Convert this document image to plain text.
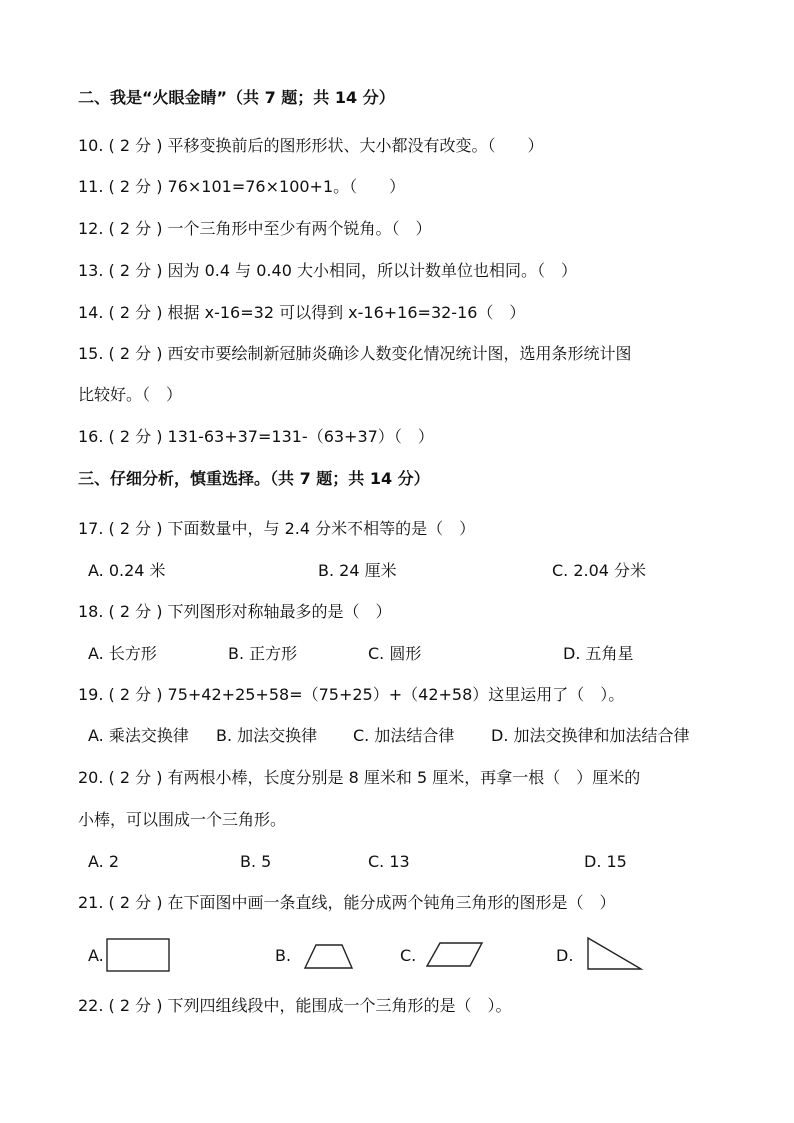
二、我是“火眼金睛”（共 7 题；共 14 分）
10. ( 2 分 ) 平移变换前后的图形形状、大小都没有改变。（　　）
11. ( 2 分 ) 76×101=76×100+1。（　　）
12. ( 2 分 ) 一个三角形中至少有两个锐角。（　）
13. ( 2 分 ) 因为 0.4 与 0.40 大小相同，所以计数单位也相同。（　）
14. ( 2 分 ) 根据 x-16=32 可以得到 x-16+16=32-16（　）
15. ( 2 分 ) 西安市要绘制新冠肺炎确诊人数变化情况统计图，选用条形统计图
比较好。（　）
16. ( 2 分 ) 131-63+37=131-（63+37）（　）
三、仔细分析，慎重选择。（共 7 题；共 14 分）
17. ( 2 分 ) 下面数量中，与 2.4 分米不相等的是（　）
A. 0.24 米	B. 24 厘米	C. 2.04 分米
18. ( 2 分 ) 下列图形对称轴最多的是（　）
A. 长方形	B. 正方形	C. 圆形	D. 五角星
19. ( 2 分 ) 75+42+25+58=（75+25）+（42+58）这里运用了（　）。
A. 乘法交换律 B. 加法交换律 C. 加法结合律 D. 加法交换律和加法结合律
20. ( 2 分 ) 有两根小棒，长度分别是 8 厘米和 5 厘米，再拿一根（　）厘米的
小棒，可以围成一个三角形。
A. 2	B. 5	C. 13	D. 15
21. ( 2 分 ) 在下面图中画一条直线，能分成两个钝角三角形的图形是（　）
A.	B.	C.	D.
22. ( 2 分 ) 下列四组线段中，能围成一个三角形的是（　）。
